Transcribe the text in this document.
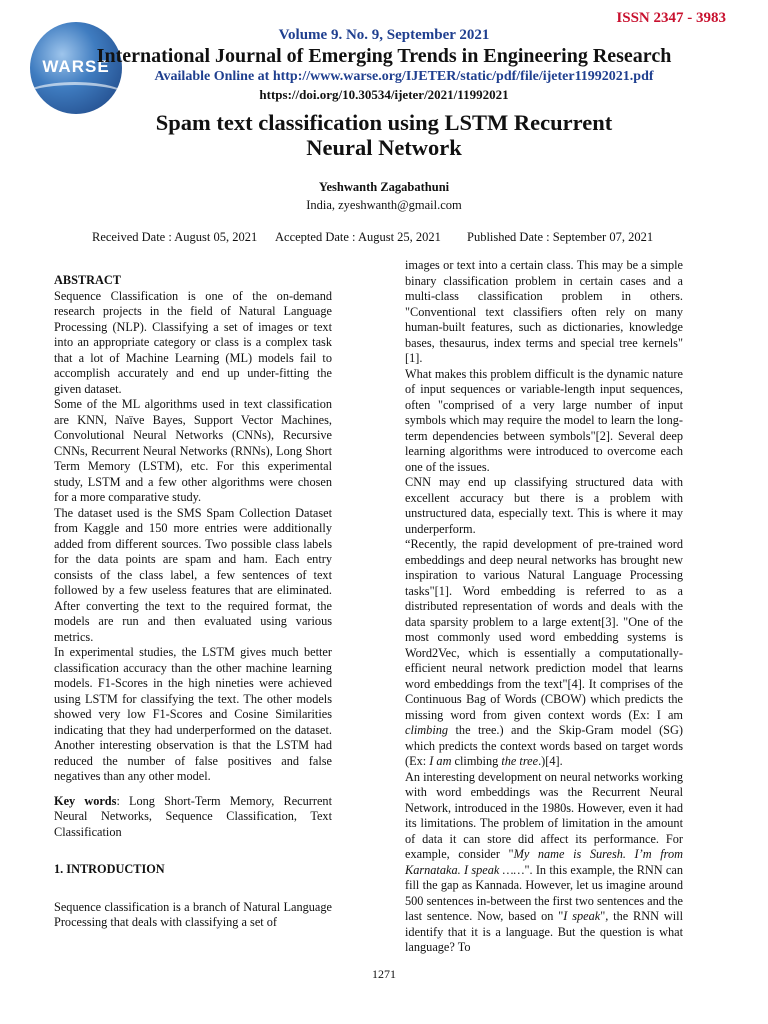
ISSN 2347 - 3983
WARSE
Volume 9. No. 9, September 2021
International Journal of Emerging Trends in Engineering Research
Available Online at http://www.warse.org/IJETER/static/pdf/file/ijeter11992021.pdf
https://doi.org/10.30534/ijeter/2021/11992021
Spam text classification using LSTM Recurrent
Neural Network
Yeshwanth Zagabathuni
India, zyeshwanth@gmail.com
Received Date : August 05, 2021 Accepted Date : August 25, 2021 Published Date : September 07, 2021

ABSTRACT

Sequence Classification is one of the on-demand research projects in the field of Natural Language Processing (NLP). Classifying a set of images or text into an appropriate category or class is a complex task that a lot of Machine Learning (ML) models fail to accomplish accurately and end up under-fitting the given dataset.

Some of the ML algorithms used in text classification are KNN, Naïve Bayes, Support Vector Machines, Convolutional Neural Networks (CNNs), Recursive CNNs, Recurrent Neural Networks (RNNs), Long Short Term Memory (LSTM), etc. For this experimental study, LSTM and a few other algorithms were chosen for a more comparative study.

The dataset used is the SMS Spam Collection Dataset from Kaggle and 150 more entries were additionally added from different sources. Two possible class labels for the data points are spam and ham. Each entry consists of the class label, a few sentences of text followed by a few useless features that are eliminated. After converting the text to the required format, the models are run and then evaluated using various metrics.

In experimental studies, the LSTM gives much better classification accuracy than the other machine learning models. F1-Scores in the high nineties were achieved using LSTM for classifying the text. The other models showed very low F1-Scores and Cosine Similarities indicating that they had underperformed on the dataset. Another interesting observation is that the LSTM had reduced the number of false positives and false negatives than any other model.

Key words: Long Short-Term Memory, Recurrent Neural Networks, Sequence Classification, Text Classification

1. INTRODUCTION

Sequence classification is a branch of Natural Language Processing that deals with classifying a set of

images or text into a certain class. This may be a simple binary classification problem in certain cases and a multi-class classification problem in others. "Conventional text classifiers often rely on many human-built features, such as dictionaries, knowledge bases, thesaurus, index terms and special tree kernels"[1].

What makes this problem difficult is the dynamic nature of input sequences or variable-length input sequences, often "comprised of a very large number of input symbols which may require the model to learn the long-term dependencies between symbols"[2]. Several deep learning algorithms were introduced to overcome each one of the issues.

CNN may end up classifying structured data with excellent accuracy but there is a problem with unstructured data, especially text. This is where it may underperform.

“Recently, the rapid development of pre-trained word embeddings and deep neural networks has brought new inspiration to various Natural Language Processing tasks"[1]. Word embedding is referred to as a distributed representation of words and deals with the data sparsity problem to a large extent[3]. "One of the most commonly used word embedding systems is Word2Vec, which is essentially a computationally-efficient neural network prediction model that learns word embeddings from the text"[4]. It comprises of the Continuous Bag of Words (CBOW) which predicts the missing word from given context words (Ex: I am climbing the tree.) and the Skip-Gram model (SG) which predicts the context words based on target words (Ex: I am climbing the tree.)[4].

An interesting development on neural networks working with word embeddings was the Recurrent Neural Network, introduced in the 1980s. However, even it had its limitations. The problem of limitation in the amount of data it can store did affect its performance. For example, consider "My name is Suresh. I’m from Karnataka. I speak ……". In this example, the RNN can fill the gap as Kannada. However, let us imagine around 500 sentences in-between the first two sentences and the last sentence. Now, based on "I speak", the RNN will identify that it is a language. But the question is what language? To

1271
